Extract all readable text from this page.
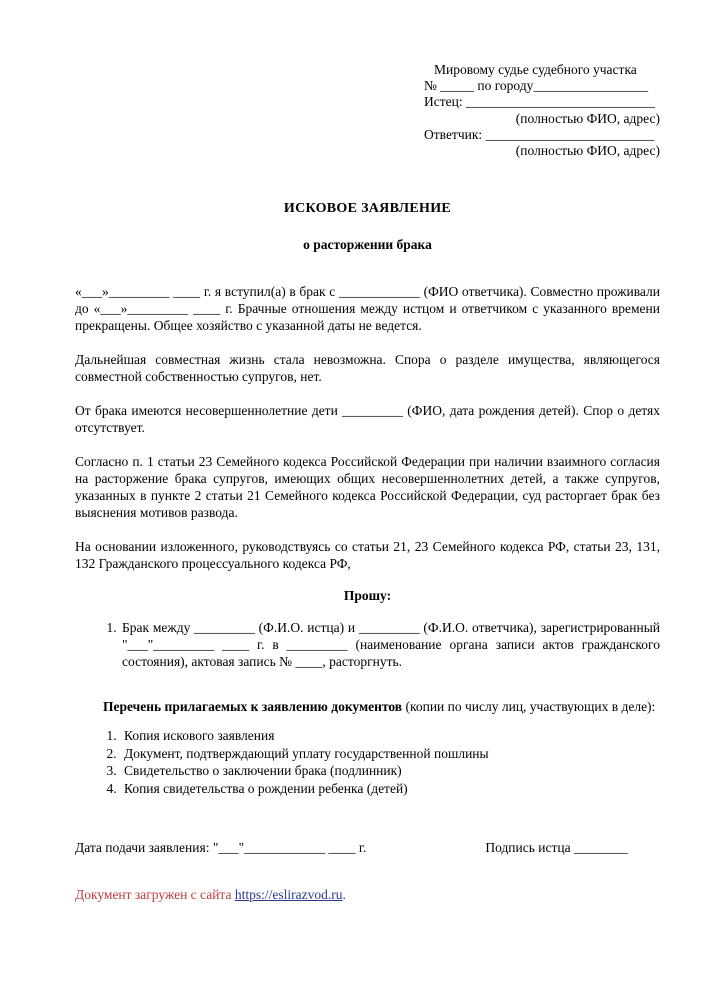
Мировому судье судебного участка
№ _____ по городу_________________
Истец: ____________________________
(полностью ФИО, адрес)
Ответчик: _________________________
(полностью ФИО, адрес)
ИСКОВОЕ ЗАЯВЛЕНИЕ
о расторжении брака

«___»_________ ____ г. я вступил(а) в брак с ____________ (ФИО ответчика). Совместно проживали до «___»_________ ____ г. Брачные отношения между истцом и ответчиком с указанного времени прекращены. Общее хозяйство с указанной даты не ведется.

Дальнейшая совместная жизнь стала невозможна. Спора о разделе имущества, являющегося совместной собственностью супругов, нет.

От брака имеются несовершеннолетние дети _________ (ФИО, дата рождения детей). Спор о детях отсутствует.

Согласно п. 1 статьи 23 Семейного кодекса Российской Федерации при наличии взаимного согласия на расторжение брака супругов, имеющих общих несовершеннолетних детей, а также супругов, указанных в пункте 2 статьи 21 Семейного кодекса Российской Федерации, суд расторгает брак без выяснения мотивов развода.

На основании изложенного, руководствуясь со статьи 21, 23 Семейного кодекса РФ, статьи 23, 131, 132 Гражданского процессуального кодекса РФ,

Прошу:
1. Брак между _________ (Ф.И.О. истца) и _________ (Ф.И.О. ответчика), зарегистрированный "___"_________ ____ г. в _________ (наименование органа записи актов гражданского состояния), актовая запись № ____, расторгнуть.

Перечень прилагаемых к заявлению документов (копии по числу лиц, участвующих в деле):

1. Копия искового заявления
2. Документ, подтверждающий уплату государственной пошлины
3. Свидетельство о заключении брака (подлинник)
4. Копия свидетельства о рождении ребенка (детей)
Дата подачи заявления: "___"____________ ____ г.	Подпись истца ________
Документ загружен с сайта https://eslirazvod.ru.
